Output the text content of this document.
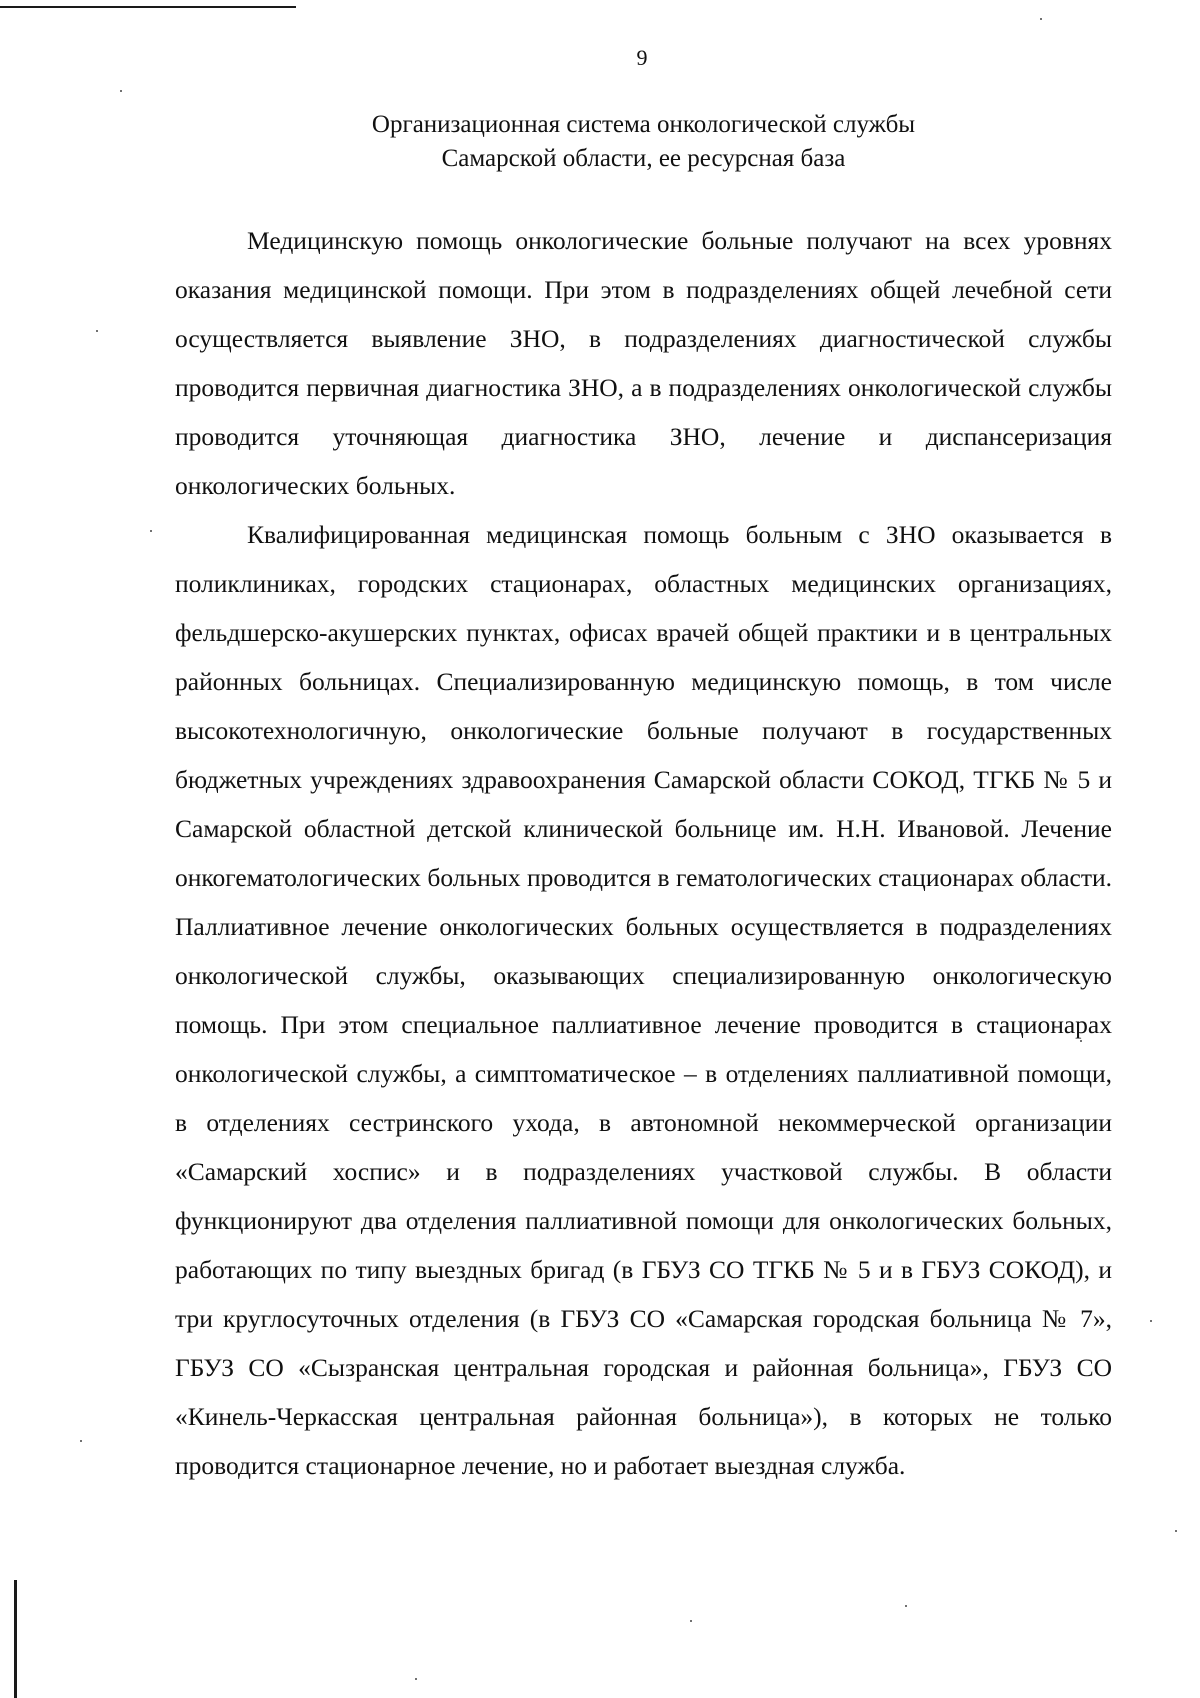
9
Организационная система онкологической службы
Самарской области, ее ресурсная база

Медицинскую помощь онкологические больные получают на всех уровнях оказания медицинской помощи. При этом в подразделениях общей лечебной сети осуществляется выявление ЗНО, в подразделениях диагностической службы проводится первичная диагностика ЗНО, а в подразделениях онкологической службы проводится уточняющая диагностика ЗНО, лечение и диспансеризация онкологических больных.

Квалифицированная медицинская помощь больным с ЗНО оказывается в поликлиниках, городских стационарах, областных медицинских организациях, фельдшерско-акушерских пунктах, офисах врачей общей практики и в центральных районных больницах. Специализированную медицинскую помощь, в том числе высокотехнологичную, онкологические больные получают в государственных бюджетных учреждениях здравоохранения Самарской области СОКОД, ТГКБ № 5 и Самарской областной детской клинической больнице им. Н.Н. Ивановой. Лечение онкогематологических больных проводится в гематологических стационарах области. Паллиативное лечение онкологических больных осуществляется в подразделениях онкологической службы, оказывающих специализированную онкологическую помощь. При этом специальное паллиативное лечение проводится в стационарах онкологической службы, а симптоматическое – в отделениях паллиативной помощи, в отделениях сестринского ухода, в автономной некоммерческой организации «Самарский хоспис» и в подразделениях участковой службы. В области функционируют два отделения паллиативной помощи для онкологических больных, работающих по типу выездных бригад (в ГБУЗ СО ТГКБ № 5 и в ГБУЗ СОКОД), и три круглосуточных отделения (в ГБУЗ СО «Самарская городская больница № 7», ГБУЗ СО «Сызранская центральная городская и районная больница», ГБУЗ СО «Кинель-Черкасская центральная районная больница»), в которых не только проводится стационарное лечение, но и работает выездная служба.
